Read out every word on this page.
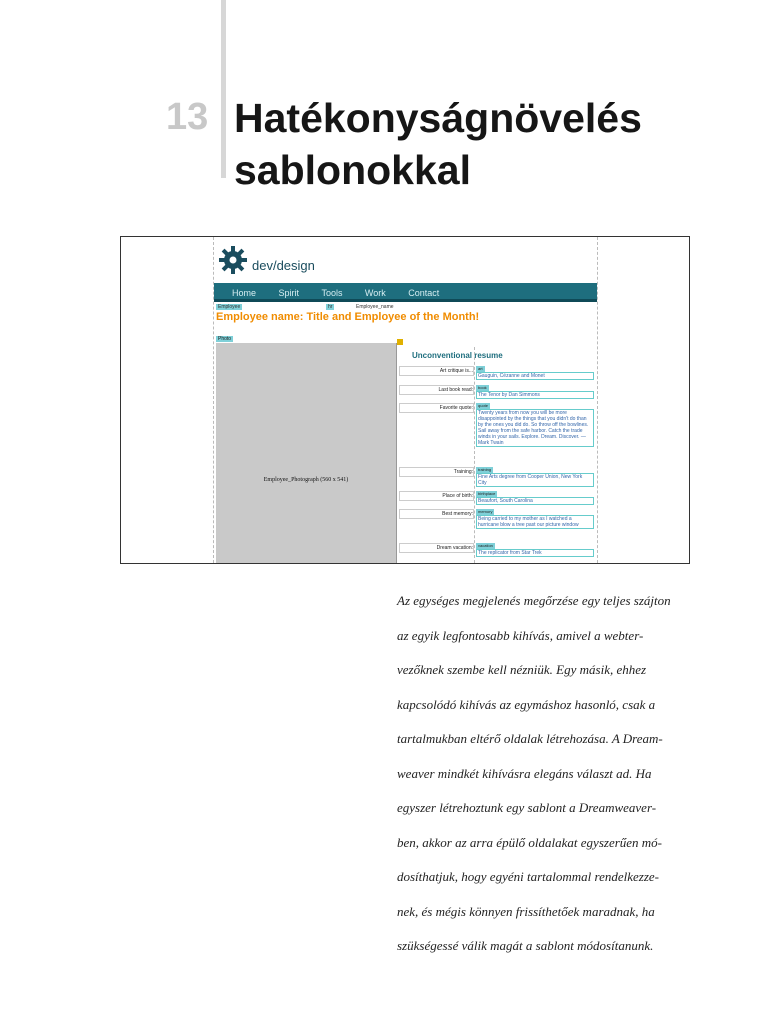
13 Hatékonyságnövelés
sablonokkal
dev/design
Home Spirit Tools Work Contact
Employee	hr	Employee_name
Employee name: Title and Employee of the Month!
Photo
Employee_Photograph (560 x 541)
Unconventional resume
Art critique is...	art
Gauguin, Cézanne and Monet
Last book read:	book
The Tenor by Dan Simmons
Favorite quote:	quote
Twenty years from now you will be more disappointed by the things that you didn't do than by the ones you did do. So throw off the bowlines. Sail away from the safe harbor. Catch the trade winds in your sails. Explore. Dream. Discover. — Mark Twain
Training:	training
Fine Arts degree from Cooper Union, New York City
Place of birth:	birthplace
Beaufort, South Carolina
Best memory:	memory
Being carried to my mother as I watched a hurricane blow a tree past our picture window
Dream vacation:	vacation
The replicator from Star Trek

Az egységes megjelenés megőrzése egy teljes szájton
az egyik legfontosabb kihívás, amivel a webter-
vezőknek szembe kell nézniük. Egy másik, ehhez
kapcsolódó kihívás az egymáshoz hasonló, csak a
tartalmukban eltérő oldalak létrehozása. A Dream-
weaver mindkét kihívásra elegáns választ ad. Ha
egyszer létrehoztunk egy sablont a Dreamweaver-
ben, akkor az arra épülő oldalakat egyszerűen mó-
dosíthatjuk, hogy egyéni tartalommal rendelkezze-
nek, és mégis könnyen frissíthetőek maradnak, ha
szükségessé válik magát a sablont módosítanunk.
